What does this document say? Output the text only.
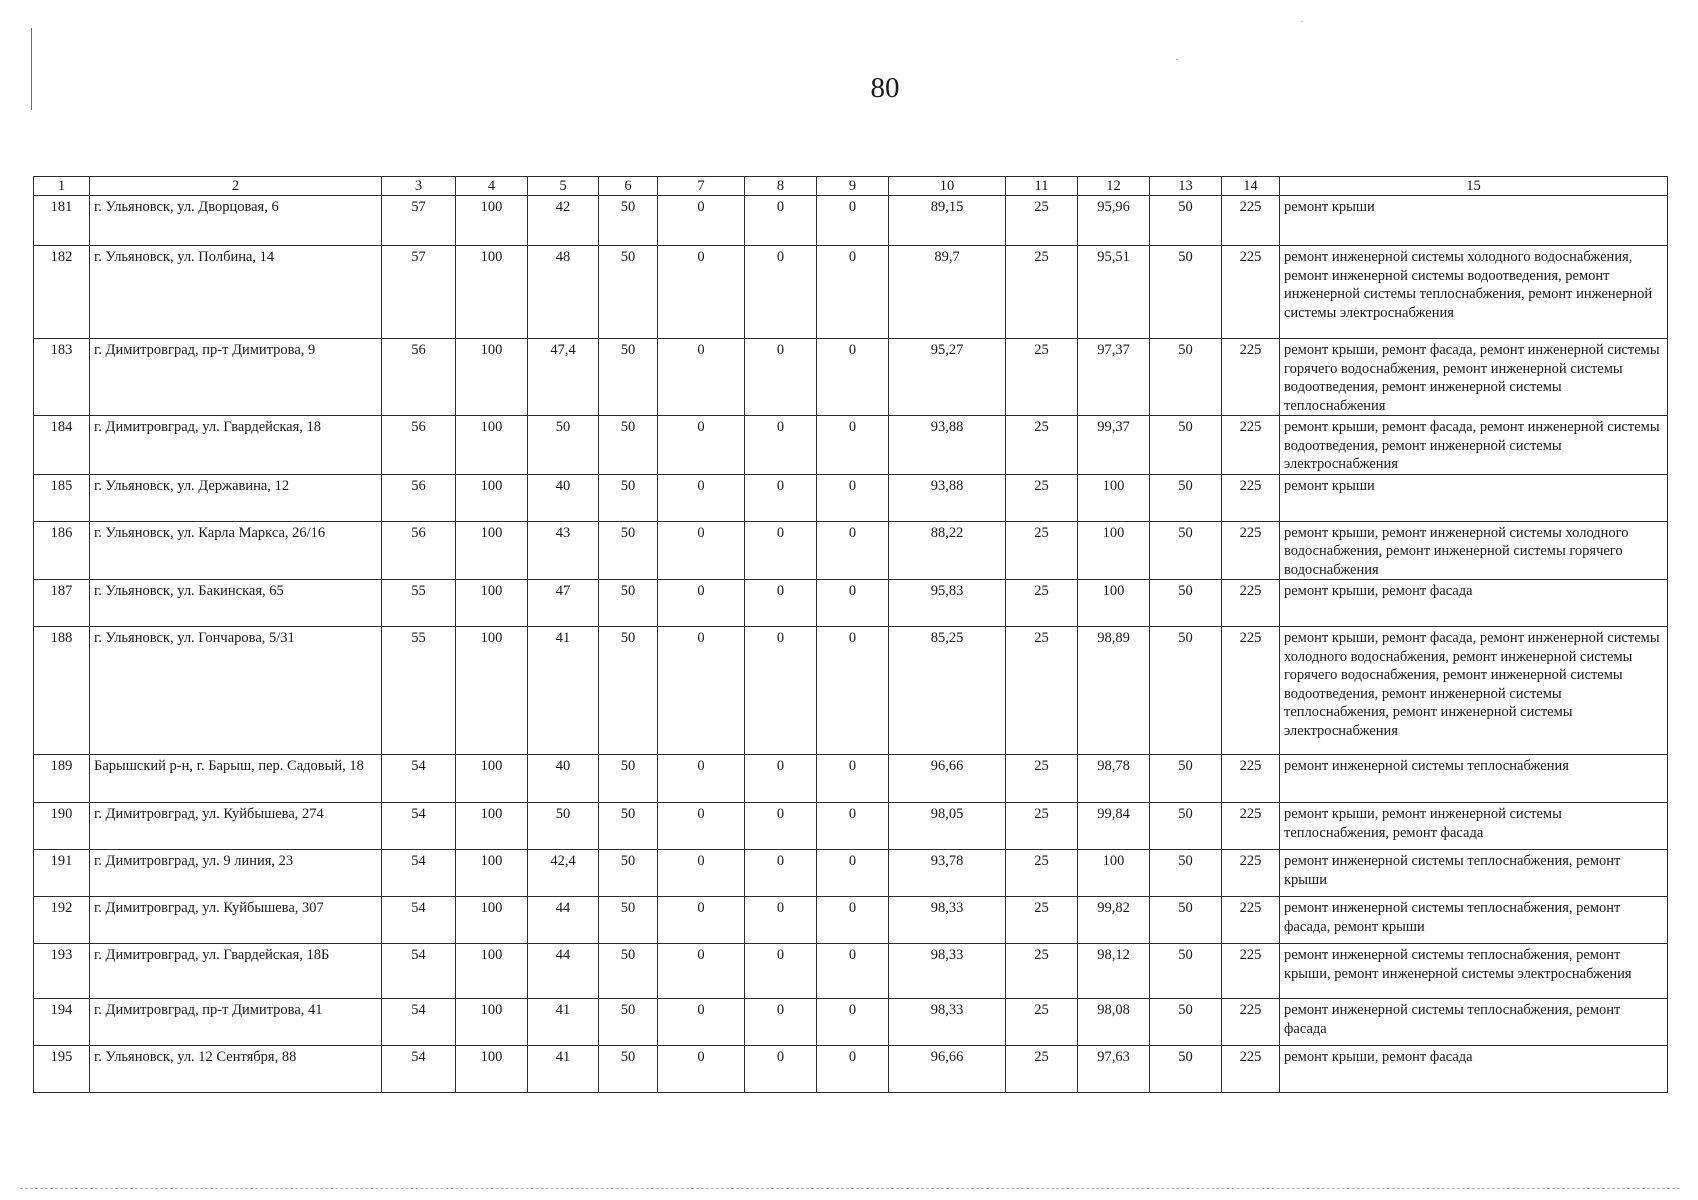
80
·
·
1	2	3	4	5	6	7	8	9	10	11	12	13	14	15
181	г. Ульяновск, ул. Дворцовая, 6	57	100	42	50	0	0	0	89,15	25	95,96	50	225	ремонт крыши
182	г. Ульяновск, ул. Полбина, 14	57	100	48	50	0	0	0	89,7	25	95,51	50	225	ремонт инженерной системы холодного водоснабжения, ремонт инженерной системы водоотведения, ремонт инженерной системы теплоснабжения, ремонт инженерной системы электроснабжения
183	г. Димитровград, пр-т Димитрова, 9	56	100	47,4	50	0	0	0	95,27	25	97,37	50	225	ремонт крыши, ремонт фасада, ремонт инженерной системы горячего водоснабжения, ремонт инженерной системы водоотведения, ремонт инженерной системы теплоснабжения
184	г. Димитровград, ул. Гвардейская, 18	56	100	50	50	0	0	0	93,88	25	99,37	50	225	ремонт крыши, ремонт фасада, ремонт инженерной системы водоотведения, ремонт инженерной системы электроснабжения
185	г. Ульяновск, ул. Державина, 12	56	100	40	50	0	0	0	93,88	25	100	50	225	ремонт крыши
186	г. Ульяновск, ул. Карла Маркса, 26/16	56	100	43	50	0	0	0	88,22	25	100	50	225	ремонт крыши, ремонт инженерной системы холодного водоснабжения, ремонт инженерной системы горячего водоснабжения
187	г. Ульяновск, ул. Бакинская, 65	55	100	47	50	0	0	0	95,83	25	100	50	225	ремонт крыши, ремонт фасада
188	г. Ульяновск, ул. Гончарова, 5/31	55	100	41	50	0	0	0	85,25	25	98,89	50	225	ремонт крыши, ремонт фасада, ремонт инженерной системы холодного водоснабжения, ремонт инженерной системы горячего водоснабжения, ремонт инженерной системы водоотведения, ремонт инженерной системы теплоснабжения, ремонт инженерной системы электроснабжения
189	Барышский р-н, г. Барыш, пер. Садовый, 18	54	100	40	50	0	0	0	96,66	25	98,78	50	225	ремонт инженерной системы теплоснабжения
190	г. Димитровград, ул. Куйбышева, 274	54	100	50	50	0	0	0	98,05	25	99,84	50	225	ремонт крыши, ремонт инженерной системы теплоснабжения, ремонт фасада
191	г. Димитровград, ул. 9 линия, 23	54	100	42,4	50	0	0	0	93,78	25	100	50	225	ремонт инженерной системы теплоснабжения, ремонт крыши
192	г. Димитровград, ул. Куйбышева, 307	54	100	44	50	0	0	0	98,33	25	99,82	50	225	ремонт инженерной системы теплоснабжения, ремонт фасада, ремонт крыши
193	г. Димитровград, ул. Гвардейская, 18Б	54	100	44	50	0	0	0	98,33	25	98,12	50	225	ремонт инженерной системы теплоснабжения, ремонт крыши, ремонт инженерной системы электроснабжения
194	г. Димитровград, пр-т Димитрова, 41	54	100	41	50	0	0	0	98,33	25	98,08	50	225	ремонт инженерной системы теплоснабжения, ремонт фасада
195	г. Ульяновск, ул. 12 Сентября, 88	54	100	41	50	0	0	0	96,66	25	97,63	50	225	ремонт крыши, ремонт фасада
